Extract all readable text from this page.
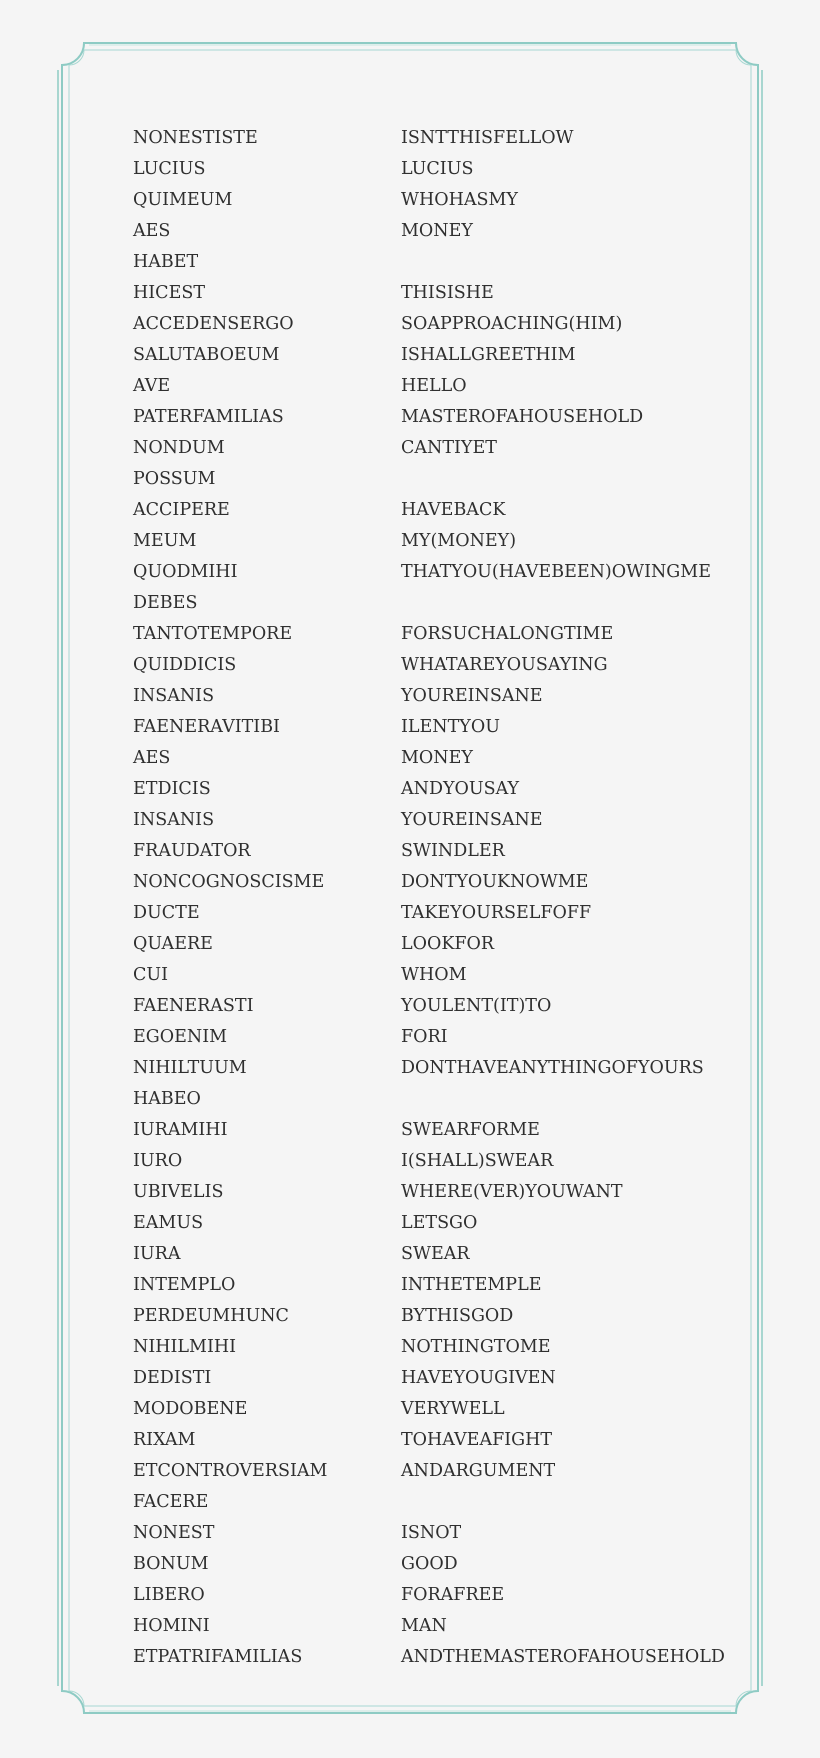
NONESTISTE	ISNTTHISFELLOW
LUCIUS	LUCIUS
QUIMEUM	WHOHASMY
AES	MONEY
HABET
HICEST	THISISHE
ACCEDENSERGO	SOAPPROACHING(HIM)
SALUTABOEUM	ISHALLGREETHIM
AVE	HELLO
PATERFAMILIAS	MASTEROFAHOUSEHOLD
NONDUM	CANTIYET
POSSUM
ACCIPERE	HAVEBACK
MEUM	MY(MONEY)
QUODMIHI	THATYOU(HAVEBEEN)OWINGME
DEBES
TANTOTEMPORE	FORSUCHALONGTIME
QUIDDICIS	WHATAREYOUSAYING
INSANIS	YOUREINSANE
FAENERAVITIBI	ILENTYOU
AES	MONEY
ETDICIS	ANDYOUSAY
INSANIS	YOUREINSANE
FRAUDATOR	SWINDLER
NONCOGNOSCISME	DONTYOUKNOWME
DUCTE	TAKEYOURSELFOFF
QUAERE	LOOKFOR
CUI	WHOM
FAENERASTI	YOULENT(IT)TO
EGOENIM	FORI
NIHILTUUM	DONTHAVEANYTHINGOFYOURS
HABEO
IURAMIHI	SWEARFORME
IURO	I(SHALL)SWEAR
UBIVELIS	WHERE(VER)YOUWANT
EAMUS	LETSGO
IURA	SWEAR
INTEMPLO	INTHETEMPLE
PERDEUMHUNC	BYTHISGOD
NIHILMIHI	NOTHINGTOME
DEDISTI	HAVEYOUGIVEN
MODOBENE	VERYWELL
RIXAM	TOHAVEAFIGHT
ETCONTROVERSIAM	ANDARGUMENT
FACERE
NONEST	ISNOT
BONUM	GOOD
LIBERO	FORAFREE
HOMINI	MAN
ETPATRIFAMILIAS	ANDTHEMASTEROFAHOUSEHOLD
